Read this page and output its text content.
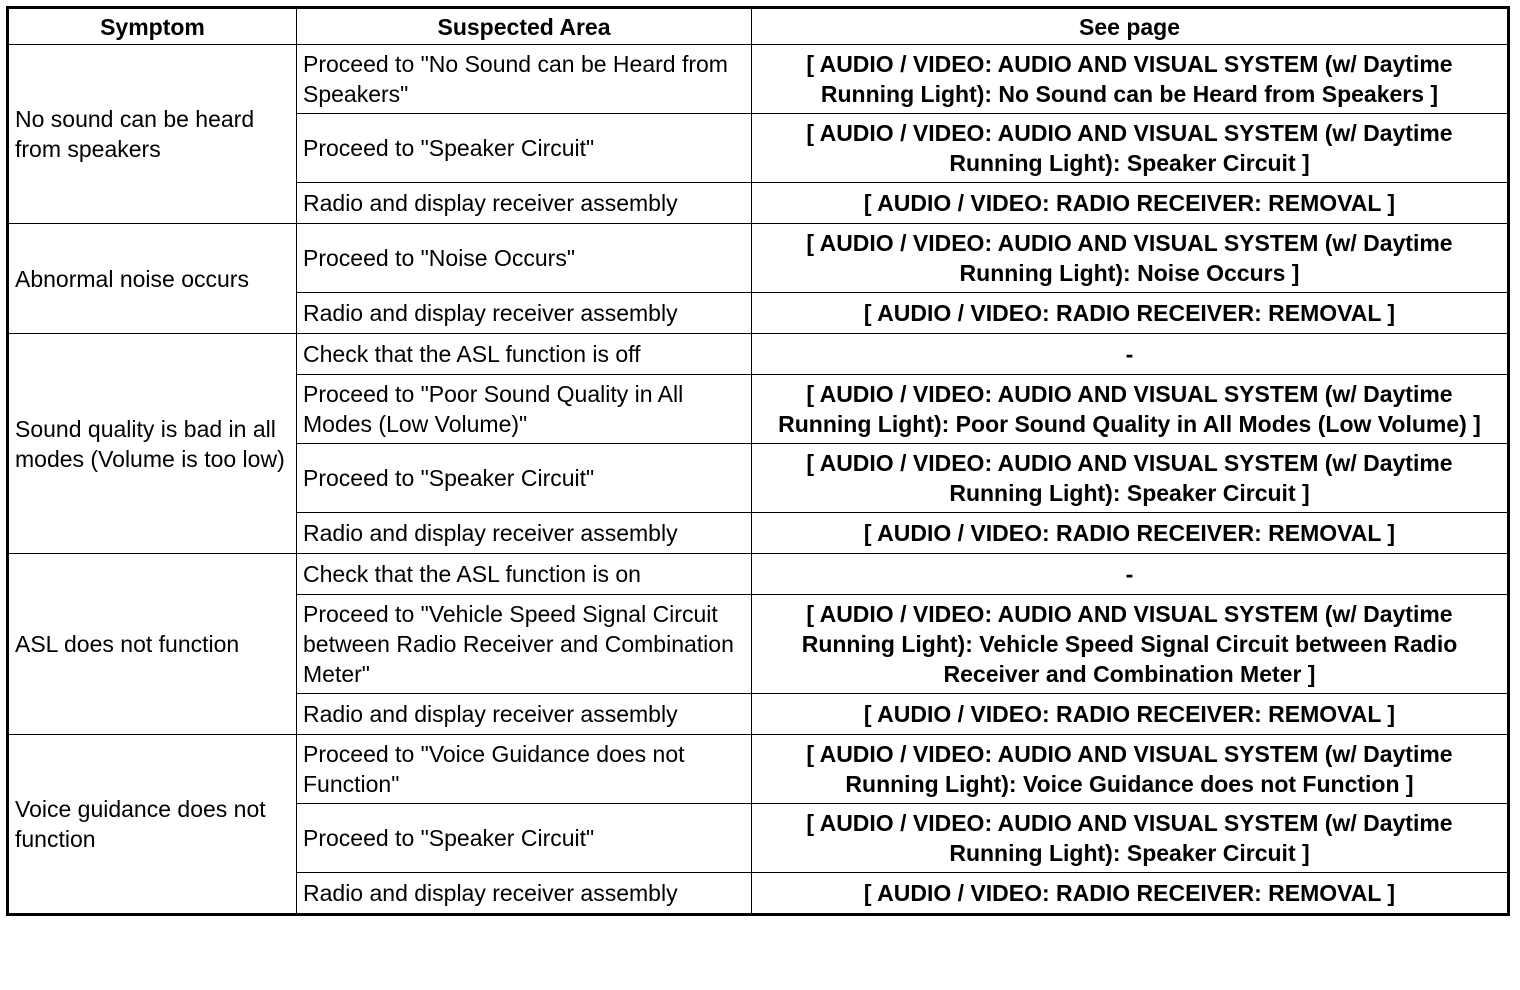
Symptom	Suspected Area	See page
No sound can be heard from speakers	Proceed to "No Sound can be Heard from Speakers"	[ AUDIO / VIDEO: AUDIO AND VISUAL SYSTEM (w/ Daytime Running Light): No Sound can be Heard from Speakers ]
	Proceed to "Speaker Circuit"	[ AUDIO / VIDEO: AUDIO AND VISUAL SYSTEM (w/ Daytime Running Light): Speaker Circuit ]
	Radio and display receiver assembly	[ AUDIO / VIDEO: RADIO RECEIVER: REMOVAL ]
Abnormal noise occurs	Proceed to "Noise Occurs"	[ AUDIO / VIDEO: AUDIO AND VISUAL SYSTEM (w/ Daytime Running Light): Noise Occurs ]
	Radio and display receiver assembly	[ AUDIO / VIDEO: RADIO RECEIVER: REMOVAL ]
Sound quality is bad in all modes (Volume is too low)	Check that the ASL function is off	-
	Proceed to "Poor Sound Quality in All Modes (Low Volume)"	[ AUDIO / VIDEO: AUDIO AND VISUAL SYSTEM (w/ Daytime Running Light): Poor Sound Quality in All Modes (Low Volume) ]
	Proceed to "Speaker Circuit"	[ AUDIO / VIDEO: AUDIO AND VISUAL SYSTEM (w/ Daytime Running Light): Speaker Circuit ]
	Radio and display receiver assembly	[ AUDIO / VIDEO: RADIO RECEIVER: REMOVAL ]
ASL does not function	Check that the ASL function is on	-
	Proceed to "Vehicle Speed Signal Circuit between Radio Receiver and Combination Meter"	[ AUDIO / VIDEO: AUDIO AND VISUAL SYSTEM (w/ Daytime Running Light): Vehicle Speed Signal Circuit between Radio Receiver and Combination Meter ]
	Radio and display receiver assembly	[ AUDIO / VIDEO: RADIO RECEIVER: REMOVAL ]
Voice guidance does not function	Proceed to "Voice Guidance does not Function"	[ AUDIO / VIDEO: AUDIO AND VISUAL SYSTEM (w/ Daytime Running Light): Voice Guidance does not Function ]
	Proceed to "Speaker Circuit"	[ AUDIO / VIDEO: AUDIO AND VISUAL SYSTEM (w/ Daytime Running Light): Speaker Circuit ]
	Radio and display receiver assembly	[ AUDIO / VIDEO: RADIO RECEIVER: REMOVAL ]
